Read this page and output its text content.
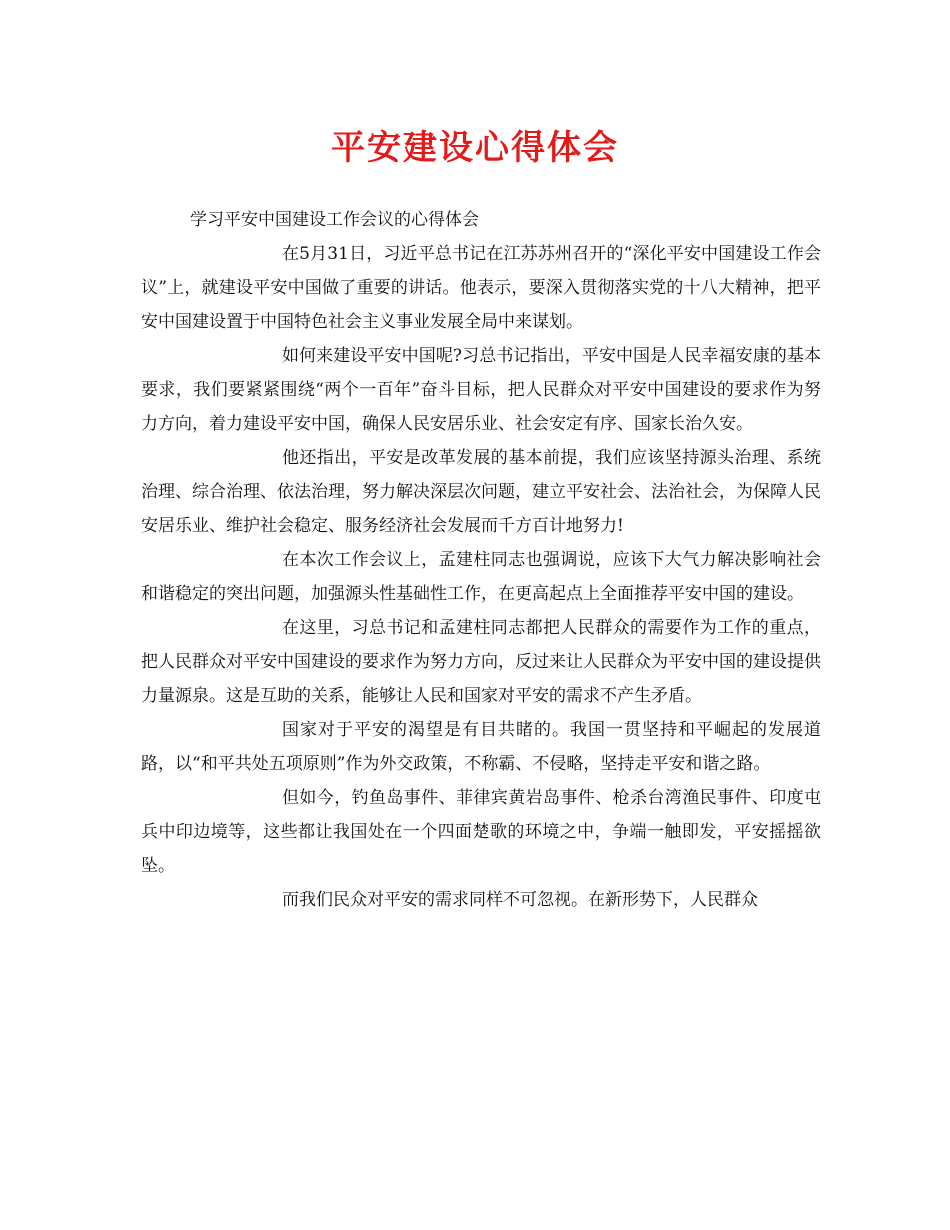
平安建设心得体会
学习平安中国建设工作会议的心得体会

在5月31日，习近平总书记在江苏苏州召开的“深化平安中国建设工作会议”上，就建设平安中国做了重要的讲话。他表示，要深入贯彻落实党的十八大精神，把平安中国建设置于中国特色社会主义事业发展全局中来谋划。

如何来建设平安中国呢?习总书记指出，平安中国是人民幸福安康的基本要求，我们要紧紧围绕“两个一百年”奋斗目标，把人民群众对平安中国建设的要求作为努力方向，着力建设平安中国，确保人民安居乐业、社会安定有序、国家长治久安。

他还指出，平安是改革发展的基本前提，我们应该坚持源头治理、系统治理、综合治理、依法治理，努力解决深层次问题，建立平安社会、法治社会，为保障人民安居乐业、维护社会稳定、服务经济社会发展而千方百计地努力!

在本次工作会议上，孟建柱同志也强调说，应该下大气力解决影响社会和谐稳定的突出问题，加强源头性基础性工作，在更高起点上全面推荐平安中国的建设。

在这里，习总书记和孟建柱同志都把人民群众的需要作为工作的重点，把人民群众对平安中国建设的要求作为努力方向，反过来让人民群众为平安中国的建设提供力量源泉。这是互助的关系，能够让人民和国家对平安的需求不产生矛盾。

国家对于平安的渴望是有目共睹的。我国一贯坚持和平崛起的发展道路，以“和平共处五项原则”作为外交政策，不称霸、不侵略，坚持走平安和谐之路。

但如今，钓鱼岛事件、菲律宾黄岩岛事件、枪杀台湾渔民事件、印度屯兵中印边境等，这些都让我国处在一个四面楚歌的环境之中，争端一触即发，平安摇摇欲坠。

而我们民众对平安的需求同样不可忽视。在新形势下，人民群众
